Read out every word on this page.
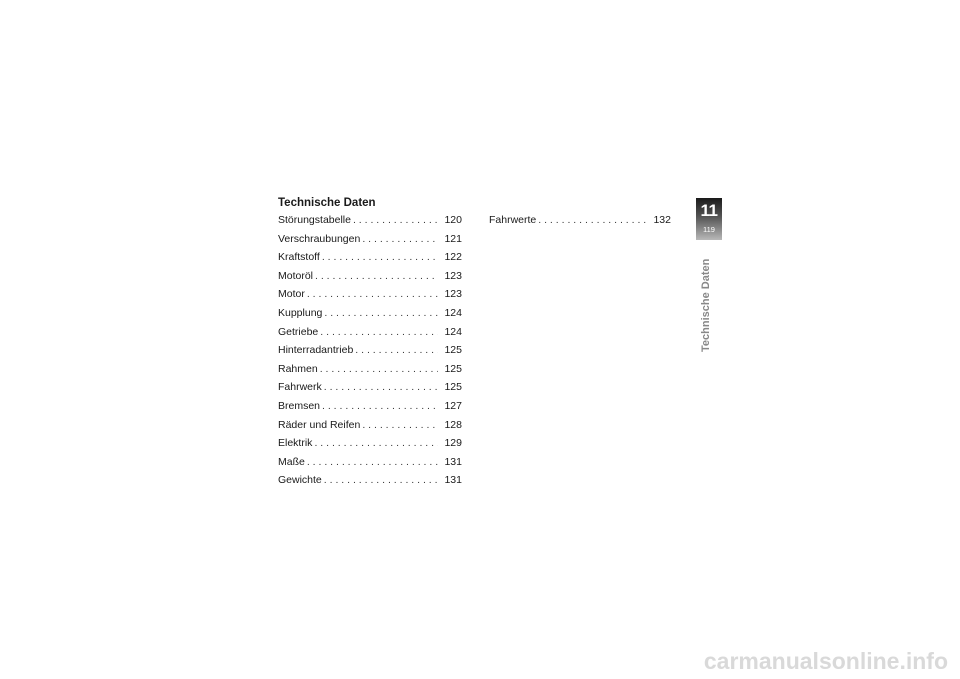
Technische Daten
Störungstabelle . . .	120
Verschraubungen . . .	121
Kraftstoff . . .	122
Motoröl . . .	123
Motor . . .	123
Kupplung . . .	124
Getriebe . . .	124
Hinterradantrieb . . .	125
Rahmen . . .	125
Fahrwerk . . .	125
Bremsen . . .	127
Räder und Reifen . . .	128
Elektrik . . .	129
Maße . . .	131
Gewichte . . .	131
Fahrwerte . . .	132 11
119
Technische Daten
carmanualsonline.info
